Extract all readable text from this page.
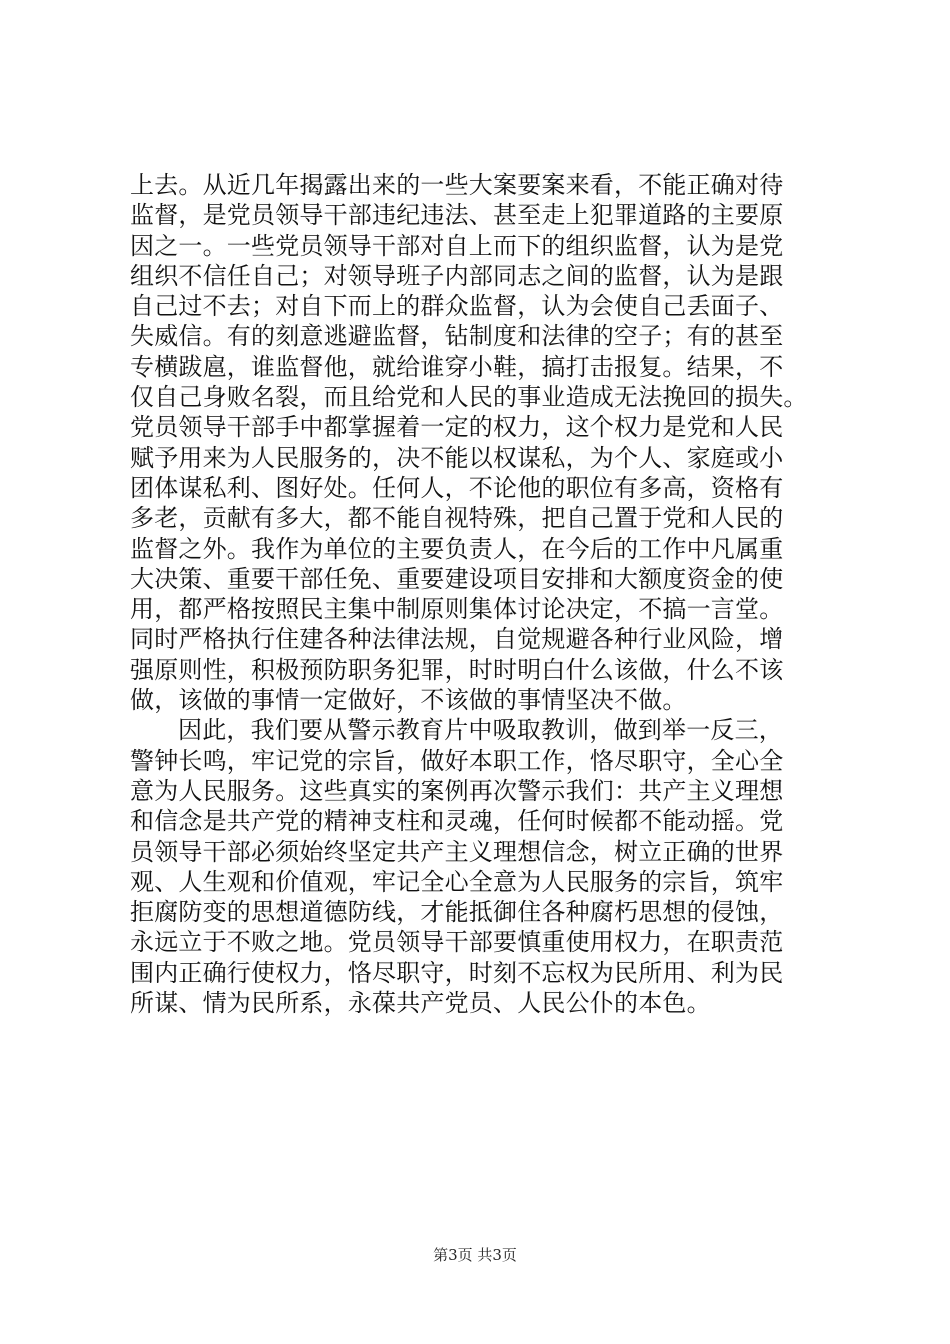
上去。从近几年揭露出来的一些大案要案来看，不能正确对待
监督，是党员领导干部违纪违法、甚至走上犯罪道路的主要原
因之一。一些党员领导干部对自上而下的组织监督，认为是党
组织不信任自己；对领导班子内部同志之间的监督，认为是跟
自己过不去；对自下而上的群众监督，认为会使自己丢面子、
失威信。有的刻意逃避监督，钻制度和法律的空子；有的甚至
专横跋扈，谁监督他，就给谁穿小鞋，搞打击报复。结果，不
仅自己身败名裂，而且给党和人民的事业造成无法挽回的损失。
党员领导干部手中都掌握着一定的权力，这个权力是党和人民
赋予用来为人民服务的，决不能以权谋私，为个人、家庭或小
团体谋私利、图好处。任何人，不论他的职位有多高，资格有
多老，贡献有多大，都不能自视特殊，把自己置于党和人民的
监督之外。我作为单位的主要负责人，在今后的工作中凡属重
大决策、重要干部任免、重要建设项目安排和大额度资金的使
用，都严格按照民主集中制原则集体讨论决定，不搞一言堂。
同时严格执行住建各种法律法规，自觉规避各种行业风险，增
强原则性，积极预防职务犯罪，时时明白什么该做，什么不该
做，该做的事情一定做好，不该做的事情坚决不做。
因此，我们要从警示教育片中吸取教训，做到举一反三，
警钟长鸣，牢记党的宗旨，做好本职工作，恪尽职守，全心全
意为人民服务。这些真实的案例再次警示我们：共产主义理想
和信念是共产党的精神支柱和灵魂，任何时候都不能动摇。党
员领导干部必须始终坚定共产主义理想信念，树立正确的世界
观、人生观和价值观，牢记全心全意为人民服务的宗旨，筑牢
拒腐防变的思想道德防线，才能抵御住各种腐朽思想的侵蚀，
永远立于不败之地。党员领导干部要慎重使用权力，在职责范
围内正确行使权力，恪尽职守，时刻不忘权为民所用、利为民
所谋、情为民所系，永葆共产党员、人民公仆的本色。
第3页 共3页
